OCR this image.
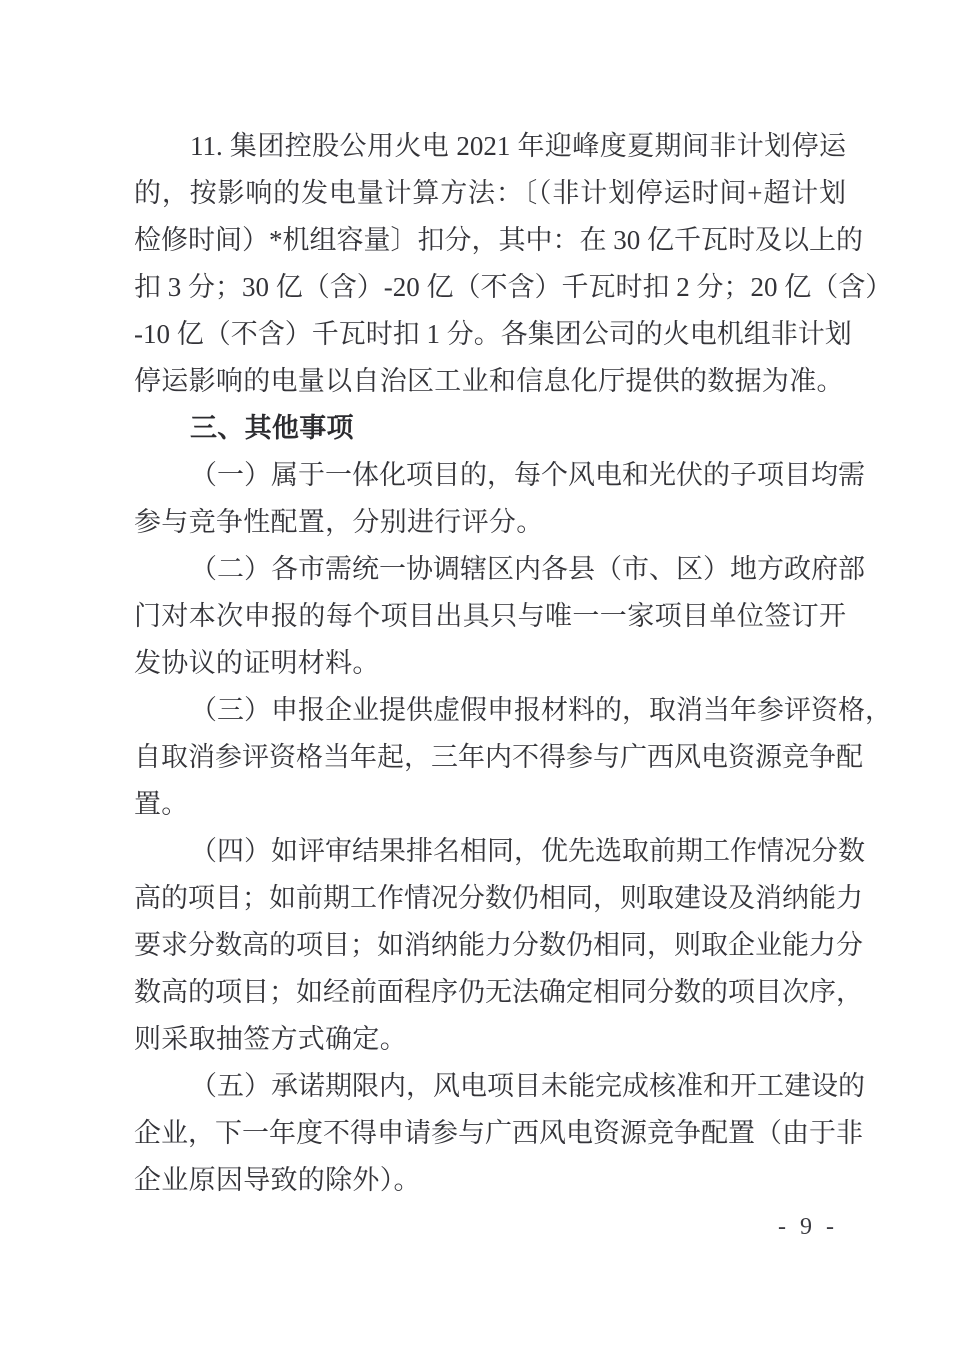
11. 集团控股公用火电 2021 年迎峰度夏期间非计划停运
的，按影响的发电量计算方法：〔（非计划停运时间+超计划
检修时间）*机组容量〕扣分，其中：在 30 亿千瓦时及以上的
扣 3 分；30 亿（含）-20 亿（不含）千瓦时扣 2 分；20 亿（含）
-10 亿（不含）千瓦时扣 1 分。各集团公司的火电机组非计划
停运影响的电量以自治区工业和信息化厅提供的数据为准。
三、其他事项
（一）属于一体化项目的，每个风电和光伏的子项目均需
参与竞争性配置，分别进行评分。
（二）各市需统一协调辖区内各县（市、区）地方政府部
门对本次申报的每个项目出具只与唯一一家项目单位签订开
发协议的证明材料。
（三）申报企业提供虚假申报材料的，取消当年参评资格，
自取消参评资格当年起，三年内不得参与广西风电资源竞争配
置。
（四）如评审结果排名相同，优先选取前期工作情况分数
高的项目；如前期工作情况分数仍相同，则取建设及消纳能力
要求分数高的项目；如消纳能力分数仍相同，则取企业能力分
数高的项目；如经前面程序仍无法确定相同分数的项目次序，
则采取抽签方式确定。
（五）承诺期限内，风电项目未能完成核准和开工建设的
企业，下一年度不得申请参与广西风电资源竞争配置（由于非
企业原因导致的除外）。
- 9 -
